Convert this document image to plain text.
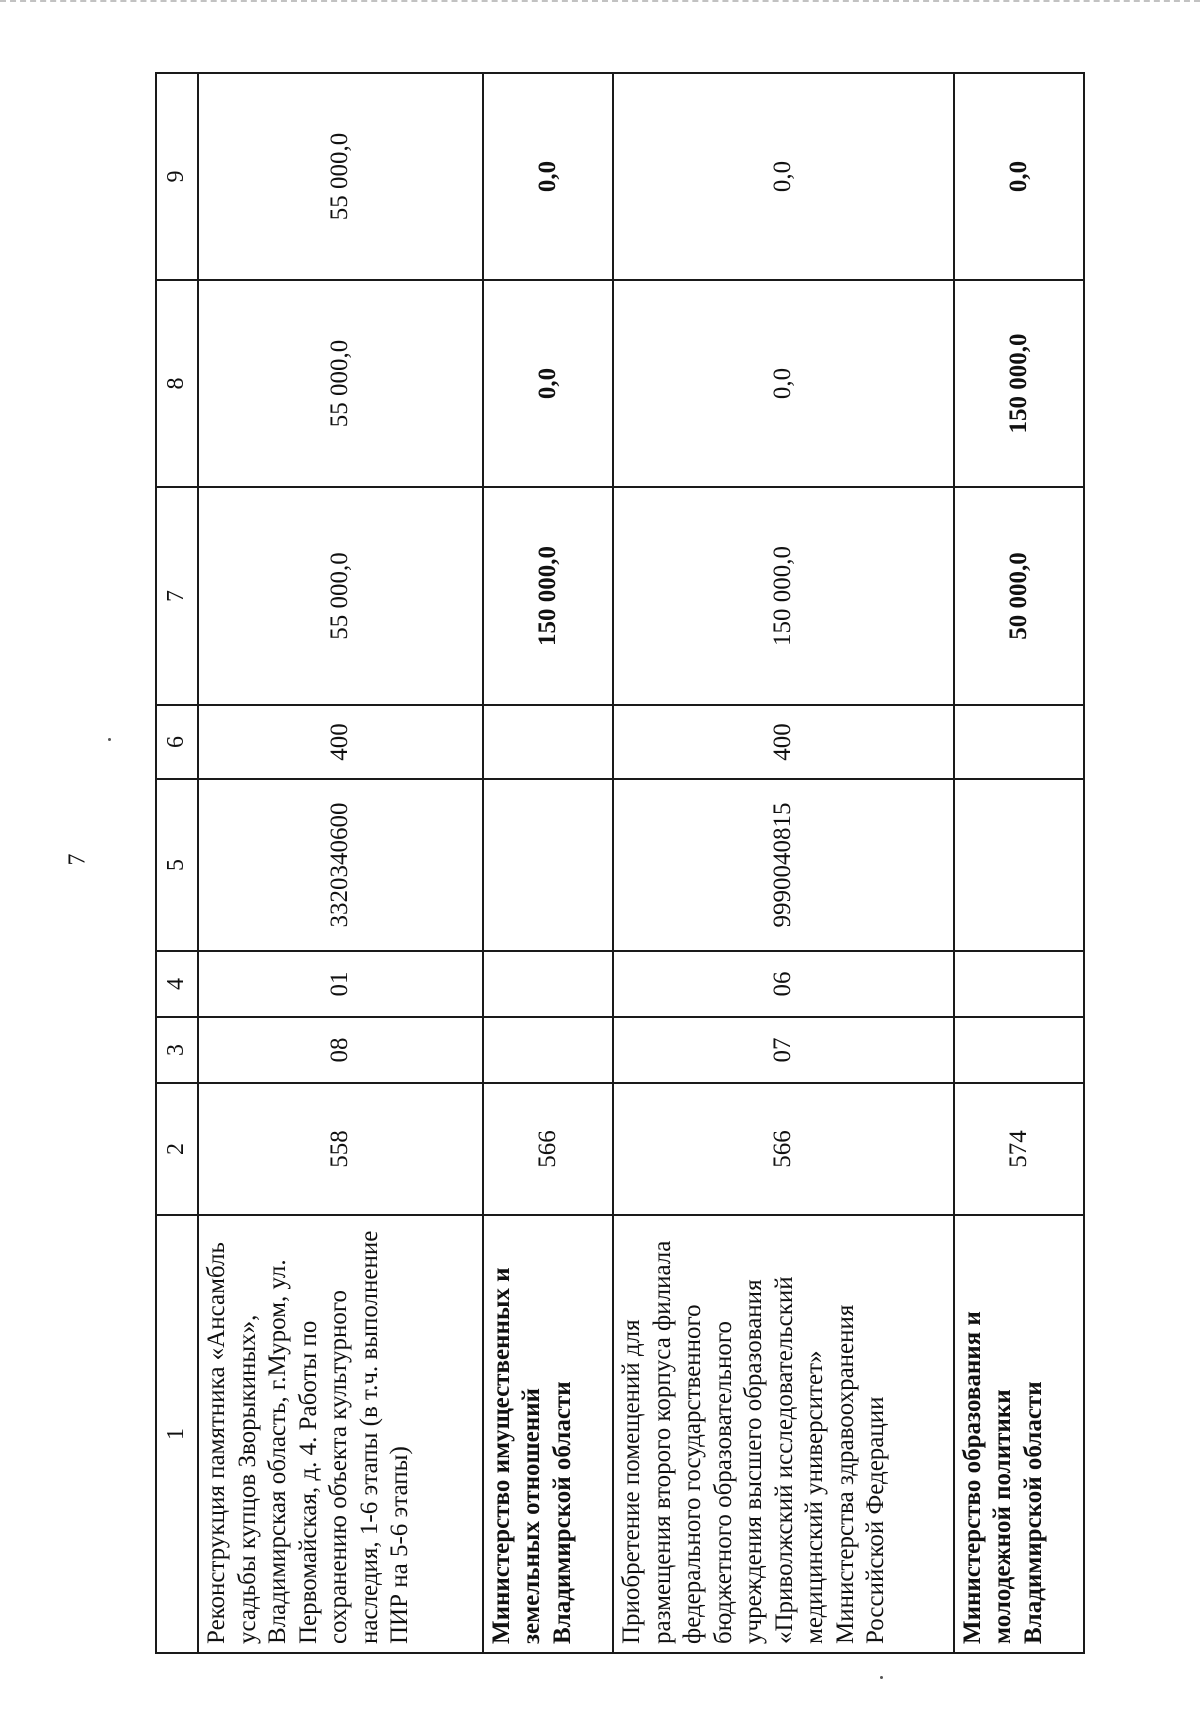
7
1	2	3	4	5	6	7	8	9
Реконструкция памятника «Ансамбль усадьбы купцов Зворыкиных», Владимирская область, г.Муром, ул. Первомайская, д. 4. Работы по сохранению объекта культурного наследия, 1-6 этапы (в т.ч. выполнение ПИР на 5-6 этапы)	558	08	01	3320340600	400	55 000,0	55 000,0	55 000,0
Министерство имущественных и земельных отношений Владимирской области	566					150 000,0	0,0	0,0
Приобретение помещений для размещения второго корпуса филиала федерального государственного бюджетного образовательного учреждения высшего образования «Приволжский исследовательский медицинский университет» Министерства здравоохранения Российской Федерации	566	07	06	9990040815	400	150 000,0	0,0	0,0
Министерство образования и молодежной политики Владимирской области	574					50 000,0	150 000,0	0,0
